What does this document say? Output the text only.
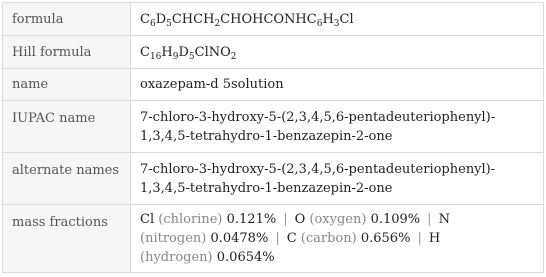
formula	$C_6D_5CHCH_2CHOHCONHC_6H_3Cl$
Hill formula	$C_{16}H_9D_5ClNO_2$
name	oxazepam-d 5solution

IUPAC name	7-chloro-3-hydroxy-5-(2,3,4,5,6-pentadeuteriophenyl)-
1,3,4,5-tetrahydro-1-benzazepin-2-one

alternate names	7-chloro-3-hydroxy-5-(2,3,4,5,6-pentadeuteriophenyl)-
1,3,4,5-tetrahydro-1-benzazepin-2-one

mass fractions	Cl (chlorine) 0.121% | O (oxygen) 0.109% | N
(nitrogen) 0.0478% | C (carbon) 0.656% | H
(hydrogen) 0.0654%
